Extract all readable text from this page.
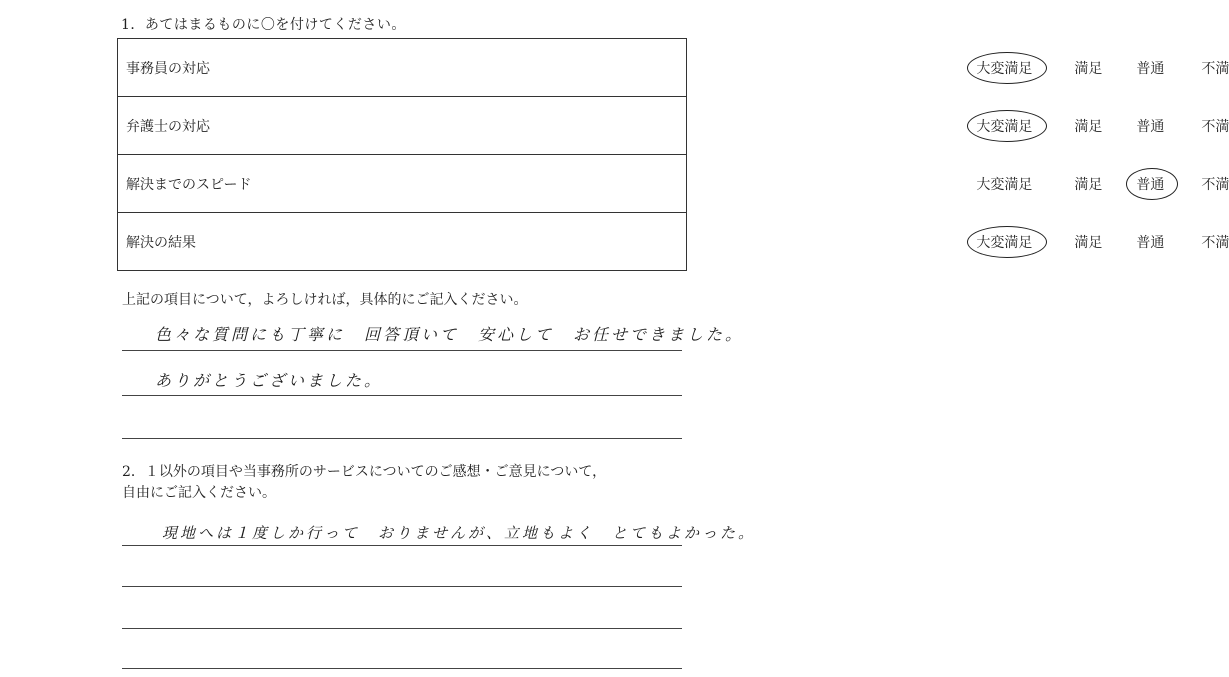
1．あてはまるものに〇を付けてください。
事務員の対応	大変満足 満足 普通 不満

弁護士の対応	大変満足 満足 普通 不満

解決までのスピード	大変満足 満足 普通 不満

解決の結果	大変満足 満足 普通 不満
上記の項目について，よろしければ，具体的にご記入ください。
色々な質問にも丁寧に　回答頂いて　安心して　お任せできました。
ありがとうございました。
2．１以外の項目や当事務所のサービスについてのご感想・ご意見について，
自由にご記入ください。
現地へは１度しか行って　おりませんが、立地もよく　とてもよかった。
